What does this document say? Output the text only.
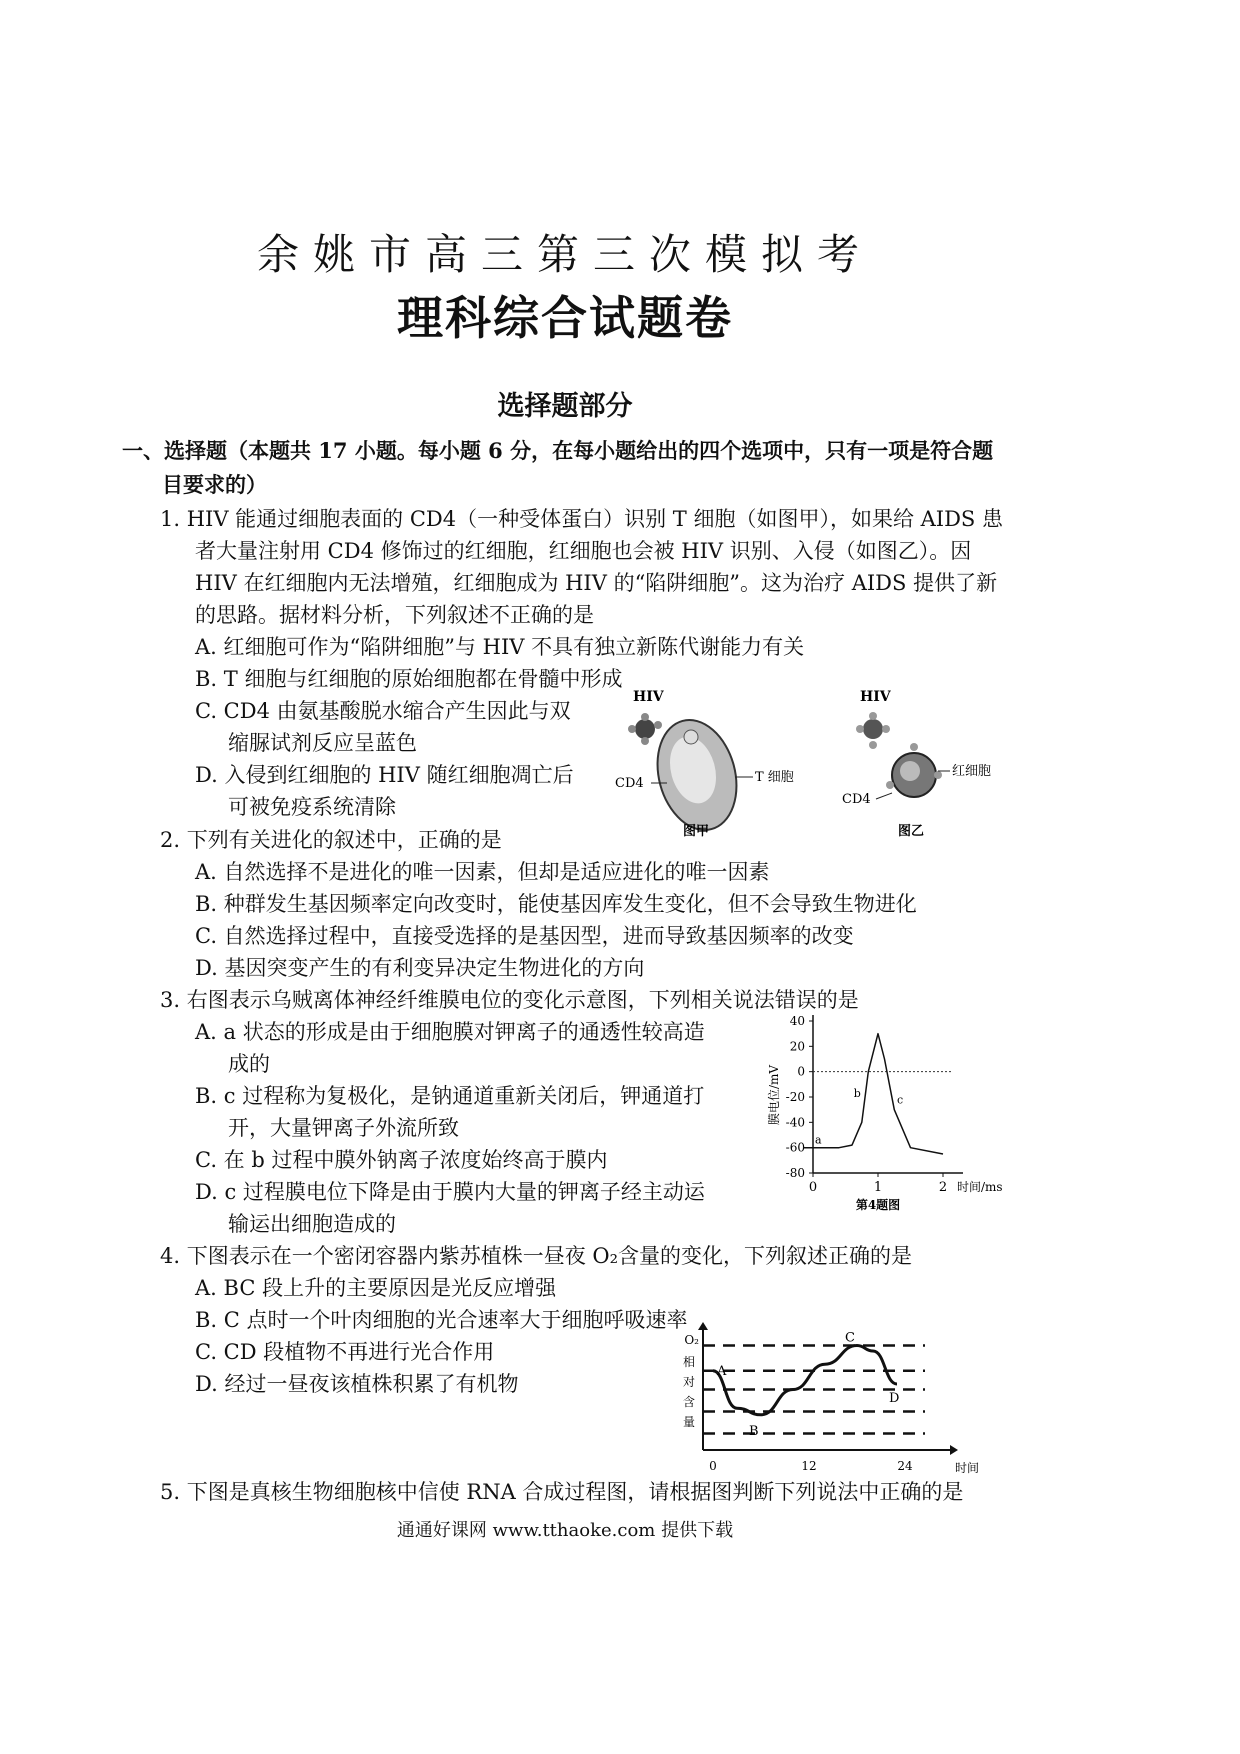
余姚市高三第三次模拟考
理科综合试题卷
选择题部分
一、选择题（本题共 17 小题。每小题 6 分，在每小题给出的四个选项中，只有一项是符合题
目要求的）
1. HIV 能通过细胞表面的 CD4（一种受体蛋白）识别 T 细胞（如图甲），如果给 AIDS 患
者大量注射用 CD4 修饰过的红细胞，红细胞也会被 HIV 识别、入侵（如图乙）。因
HIV 在红细胞内无法增殖，红细胞成为 HIV 的“陷阱细胞”。这为治疗 AIDS 提供了新
的思路。据材料分析，下列叙述不正确的是
A. 红细胞可作为“陷阱细胞”与 HIV 不具有独立新陈代谢能力有关
B. T 细胞与红细胞的原始细胞都在骨髓中形成
C. CD4 由氨基酸脱水缩合产生因此与双
缩脲试剂反应呈蓝色
D. 入侵到红细胞的 HIV 随红细胞凋亡后
可被免疫系统清除
HIV
CD4	T 细胞
图甲
HIV
红细胞
CD4
图乙
2. 下列有关进化的叙述中，正确的是
A. 自然选择不是进化的唯一因素，但却是适应进化的唯一因素
B. 种群发生基因频率定向改变时，能使基因库发生变化，但不会导致生物进化
C. 自然选择过程中，直接受选择的是基因型，进而导致基因频率的改变
D. 基因突变产生的有利变异决定生物进化的方向
3. 右图表示乌贼离体神经纤维膜电位的变化示意图，下列相关说法错误的是
A. a 状态的形成是由于细胞膜对钾离子的通透性较高造
成的
B. c 过程称为复极化，是钠通道重新关闭后，钾通道打
开，大量钾离子外流所致
C. 在 b 过程中膜外钠离子浓度始终高于膜内
D. c 过程膜电位下降是由于膜内大量的钾离子经主动运
输运出细胞造成的
40
20
0
-20
-40
-60
-80
0	1	2 时间/ms
膜电位/mV
a
b	c
第4题图
4. 下图表示在一个密闭容器内紫苏植株一昼夜 O₂含量的变化，下列叙述正确的是
A. BC 段上升的主要原因是光反应增强
B. C 点时一个叶肉细胞的光合速率大于细胞呼吸速率
C. CD 段植物不再进行光合作用
D. 经过一昼夜该植株积累了有机物
O₂
相
对
含
量
0	12	24	时间
A
B
C
D
5. 下图是真核生物细胞核中信使 RNA 合成过程图，请根据图判断下列说法中正确的是
通通好课网 www.tthaoke.com 提供下载
